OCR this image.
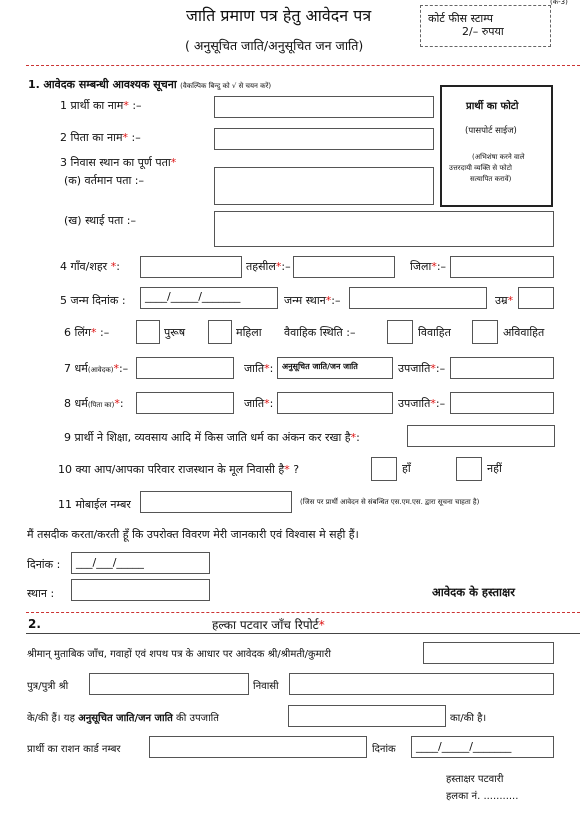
(क-3)
जाति प्रमाण पत्र हेतु आवेदन पत्र
( अनुसूचित जाति/अनुसूचित जन जाति)
कोर्ट फीस स्टाम्प
2/– रुपया
1. आवेदक सम्बन्धी आवश्यक सूचना (वैकल्पिक बिन्दु को √ से चयन करें)
प्रार्थी का फोटो
(पासपोर्ट साईज)
(अभिशंषा करने वाले
उत्तरदायी व्यक्ति से फोटो
सत्यापित करावें)
1 प्रार्थी का नाम* :–
2 पिता का नाम* :–
3 निवास स्थान का पूर्ण पता*
(क) वर्तमान पता :–
(ख) स्थाई पता :–
4 गाँव/शहर *:	तहसील*:–	जिला*:–
5 जन्म दिनांक : ____/_____/_______	जन्म स्थान*:–	उम्र*
6 लिंग* :–	पुरूष	महिला वैवाहिक स्थिति :–	विवाहित	अविवाहित
7 धर्म(आवेदक)*:–	जाति*: अनुसूचित जाति/जन जाति	उपजाति*:–
8 धर्म(पिता का)*:	जाति*:	उपजाति*:–
9 प्रार्थी ने शिक्षा, व्यवसाय आदि में किस जाति धर्म का अंकन कर रखा है*:
10 क्या आप/आपका परिवार राजस्थान के मूल निवासी है* ?	हाँ	नहीं
11 मोबाईल नम्बर	(जिस पर प्रार्थी आवेदन से संबन्धित एस.एम.एस. द्वारा सूचना चाहता है)
मैं तसदीक करता/करती हूँ कि उपरोक्त विवरण मेरी जानकारी एवं विश्वास मे सही हैं।
दिनांक : ___/___/_____
स्थान :	आवेदक के हस्ताक्षर
2.	हल्का पटवार जाँच रिपोर्ट*
श्रीमान् मुताबिक जाँच, गवाहों एवं शपथ पत्र के आधार पर आवेदक श्री/श्रीमती/कुमारी
पुत्र/पुत्री श्री	निवासी
के/की हैं। यह अनुसूचित जाति/जन जाति की उपजाति	का/की है।
प्रार्थी का राशन कार्ड नम्बर	दिनांक ____/_____/_______
हस्ताक्षर पटवारी
हलका नं. ...........
